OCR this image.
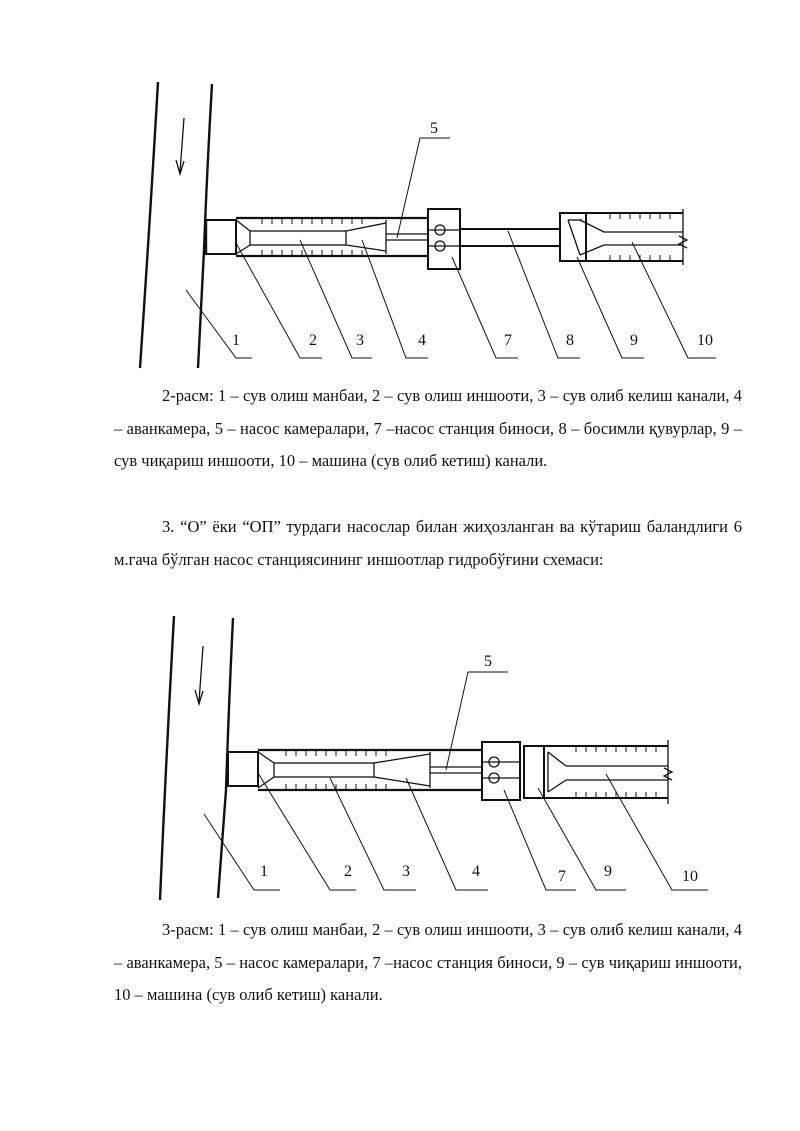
5
1	2 3	4	7	8	9	10

2-расм: 1 – сув олиш манбаи, 2 – сув олиш иншооти, 3 – сув олиб келиш канали, 4 – аванкамера, 5 – насос камералари, 7 –насос станция биноси, 8 – босимли қувурлар, 9 – сув чиқариш иншооти, 10 – машина (сув олиб кетиш) канали.

3. “О” ёки “ОП” турдаги насослар билан жиҳозланган ва кўтариш баландлиги 6 м.гача бўлган насос станциясининг иншоотлар гидробўғини схемаси:

5
1	2	3	4	7 9	10

3-расм: 1 – сув олиш манбаи, 2 – сув олиш иншооти, 3 – сув олиб келиш канали, 4 – аванкамера, 5 – насос камералари, 7 –насос станция биноси, 9 – сув чиқариш иншооти, 10 – машина (сув олиб кетиш) канали.
